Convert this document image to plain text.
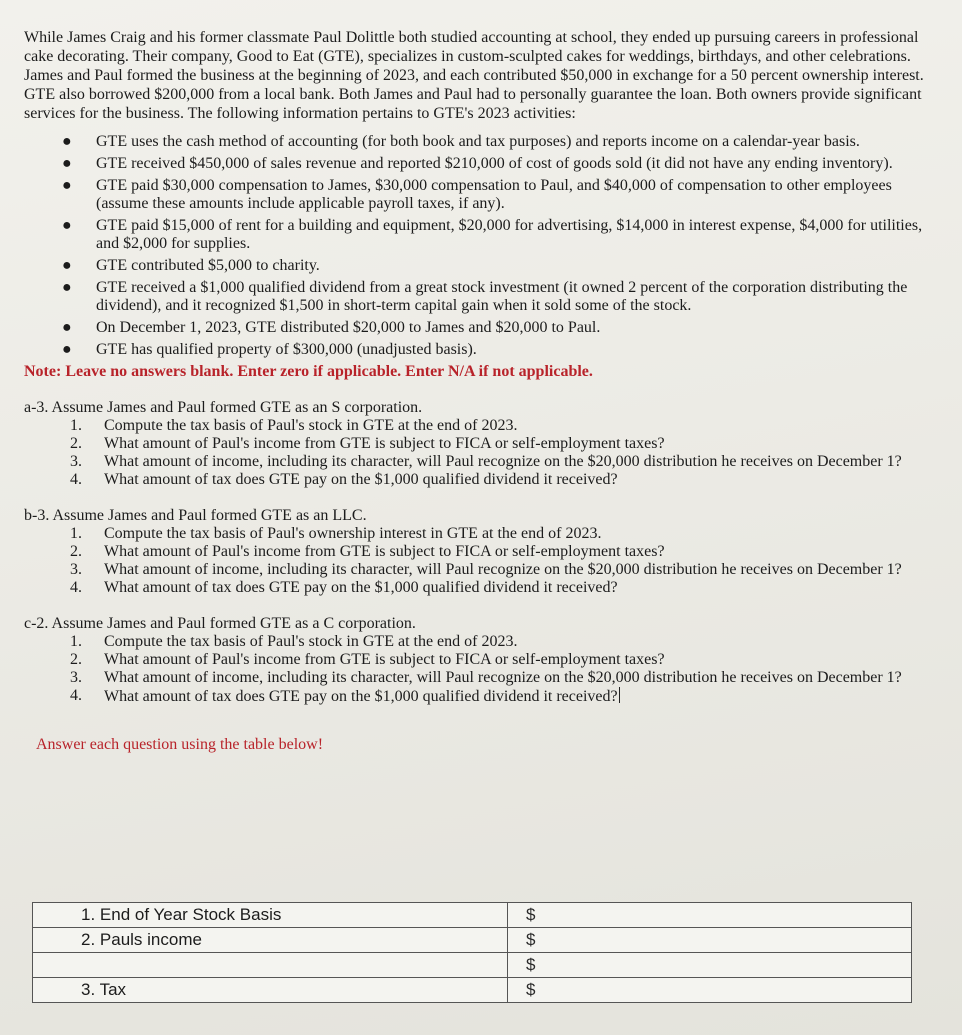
While James Craig and his former classmate Paul Dolittle both studied accounting at school, they ended up pursuing careers in professional cake decorating. Their company, Good to Eat (GTE), specializes in custom-sculpted cakes for weddings, birthdays, and other celebrations. James and Paul formed the business at the beginning of 2023, and each contributed $50,000 in exchange for a 50 percent ownership interest. GTE also borrowed $200,000 from a local bank. Both James and Paul had to personally guarantee the loan. Both owners provide significant services for the business. The following information pertains to GTE's 2023 activities:

● GTE uses the cash method of accounting (for both book and tax purposes) and reports income on a calendar-year basis.
● GTE received $450,000 of sales revenue and reported $210,000 of cost of goods sold (it did not have any ending inventory).
● GTE paid $30,000 compensation to James, $30,000 compensation to Paul, and $40,000 of compensation to other employees (assume these amounts include applicable payroll taxes, if any).
● GTE paid $15,000 of rent for a building and equipment, $20,000 for advertising, $14,000 in interest expense, $4,000 for utilities, and $2,000 for supplies.
● GTE contributed $5,000 to charity.
● GTE received a $1,000 qualified dividend from a great stock investment (it owned 2 percent of the corporation distributing the dividend), and it recognized $1,500 in short-term capital gain when it sold some of the stock.
● On December 1, 2023, GTE distributed $20,000 to James and $20,000 to Paul.
● GTE has qualified property of $300,000 (unadjusted basis).
Note: Leave no answers blank. Enter zero if applicable. Enter N/A if not applicable.
a-3. Assume James and Paul formed GTE as an S corporation.
1. Compute the tax basis of Paul's stock in GTE at the end of 2023.
2. What amount of Paul's income from GTE is subject to FICA or self-employment taxes?
3. What amount of income, including its character, will Paul recognize on the $20,000 distribution he receives on December 1?
4. What amount of tax does GTE pay on the $1,000 qualified dividend it received?
b-3. Assume James and Paul formed GTE as an LLC.
1. Compute the tax basis of Paul's ownership interest in GTE at the end of 2023.
2. What amount of Paul's income from GTE is subject to FICA or self-employment taxes?
3. What amount of income, including its character, will Paul recognize on the $20,000 distribution he receives on December 1?
4. What amount of tax does GTE pay on the $1,000 qualified dividend it received?
c-2. Assume James and Paul formed GTE as a C corporation.
1. Compute the tax basis of Paul's stock in GTE at the end of 2023.
2. What amount of Paul's income from GTE is subject to FICA or self-employment taxes?
3. What amount of income, including its character, will Paul recognize on the $20,000 distribution he receives on December 1?
4. What amount of tax does GTE pay on the $1,000 qualified dividend it received?
Answer each question using the table below!
1. End of Year Stock Basis	$
2. Pauls income	$
	$
3. Tax	$
